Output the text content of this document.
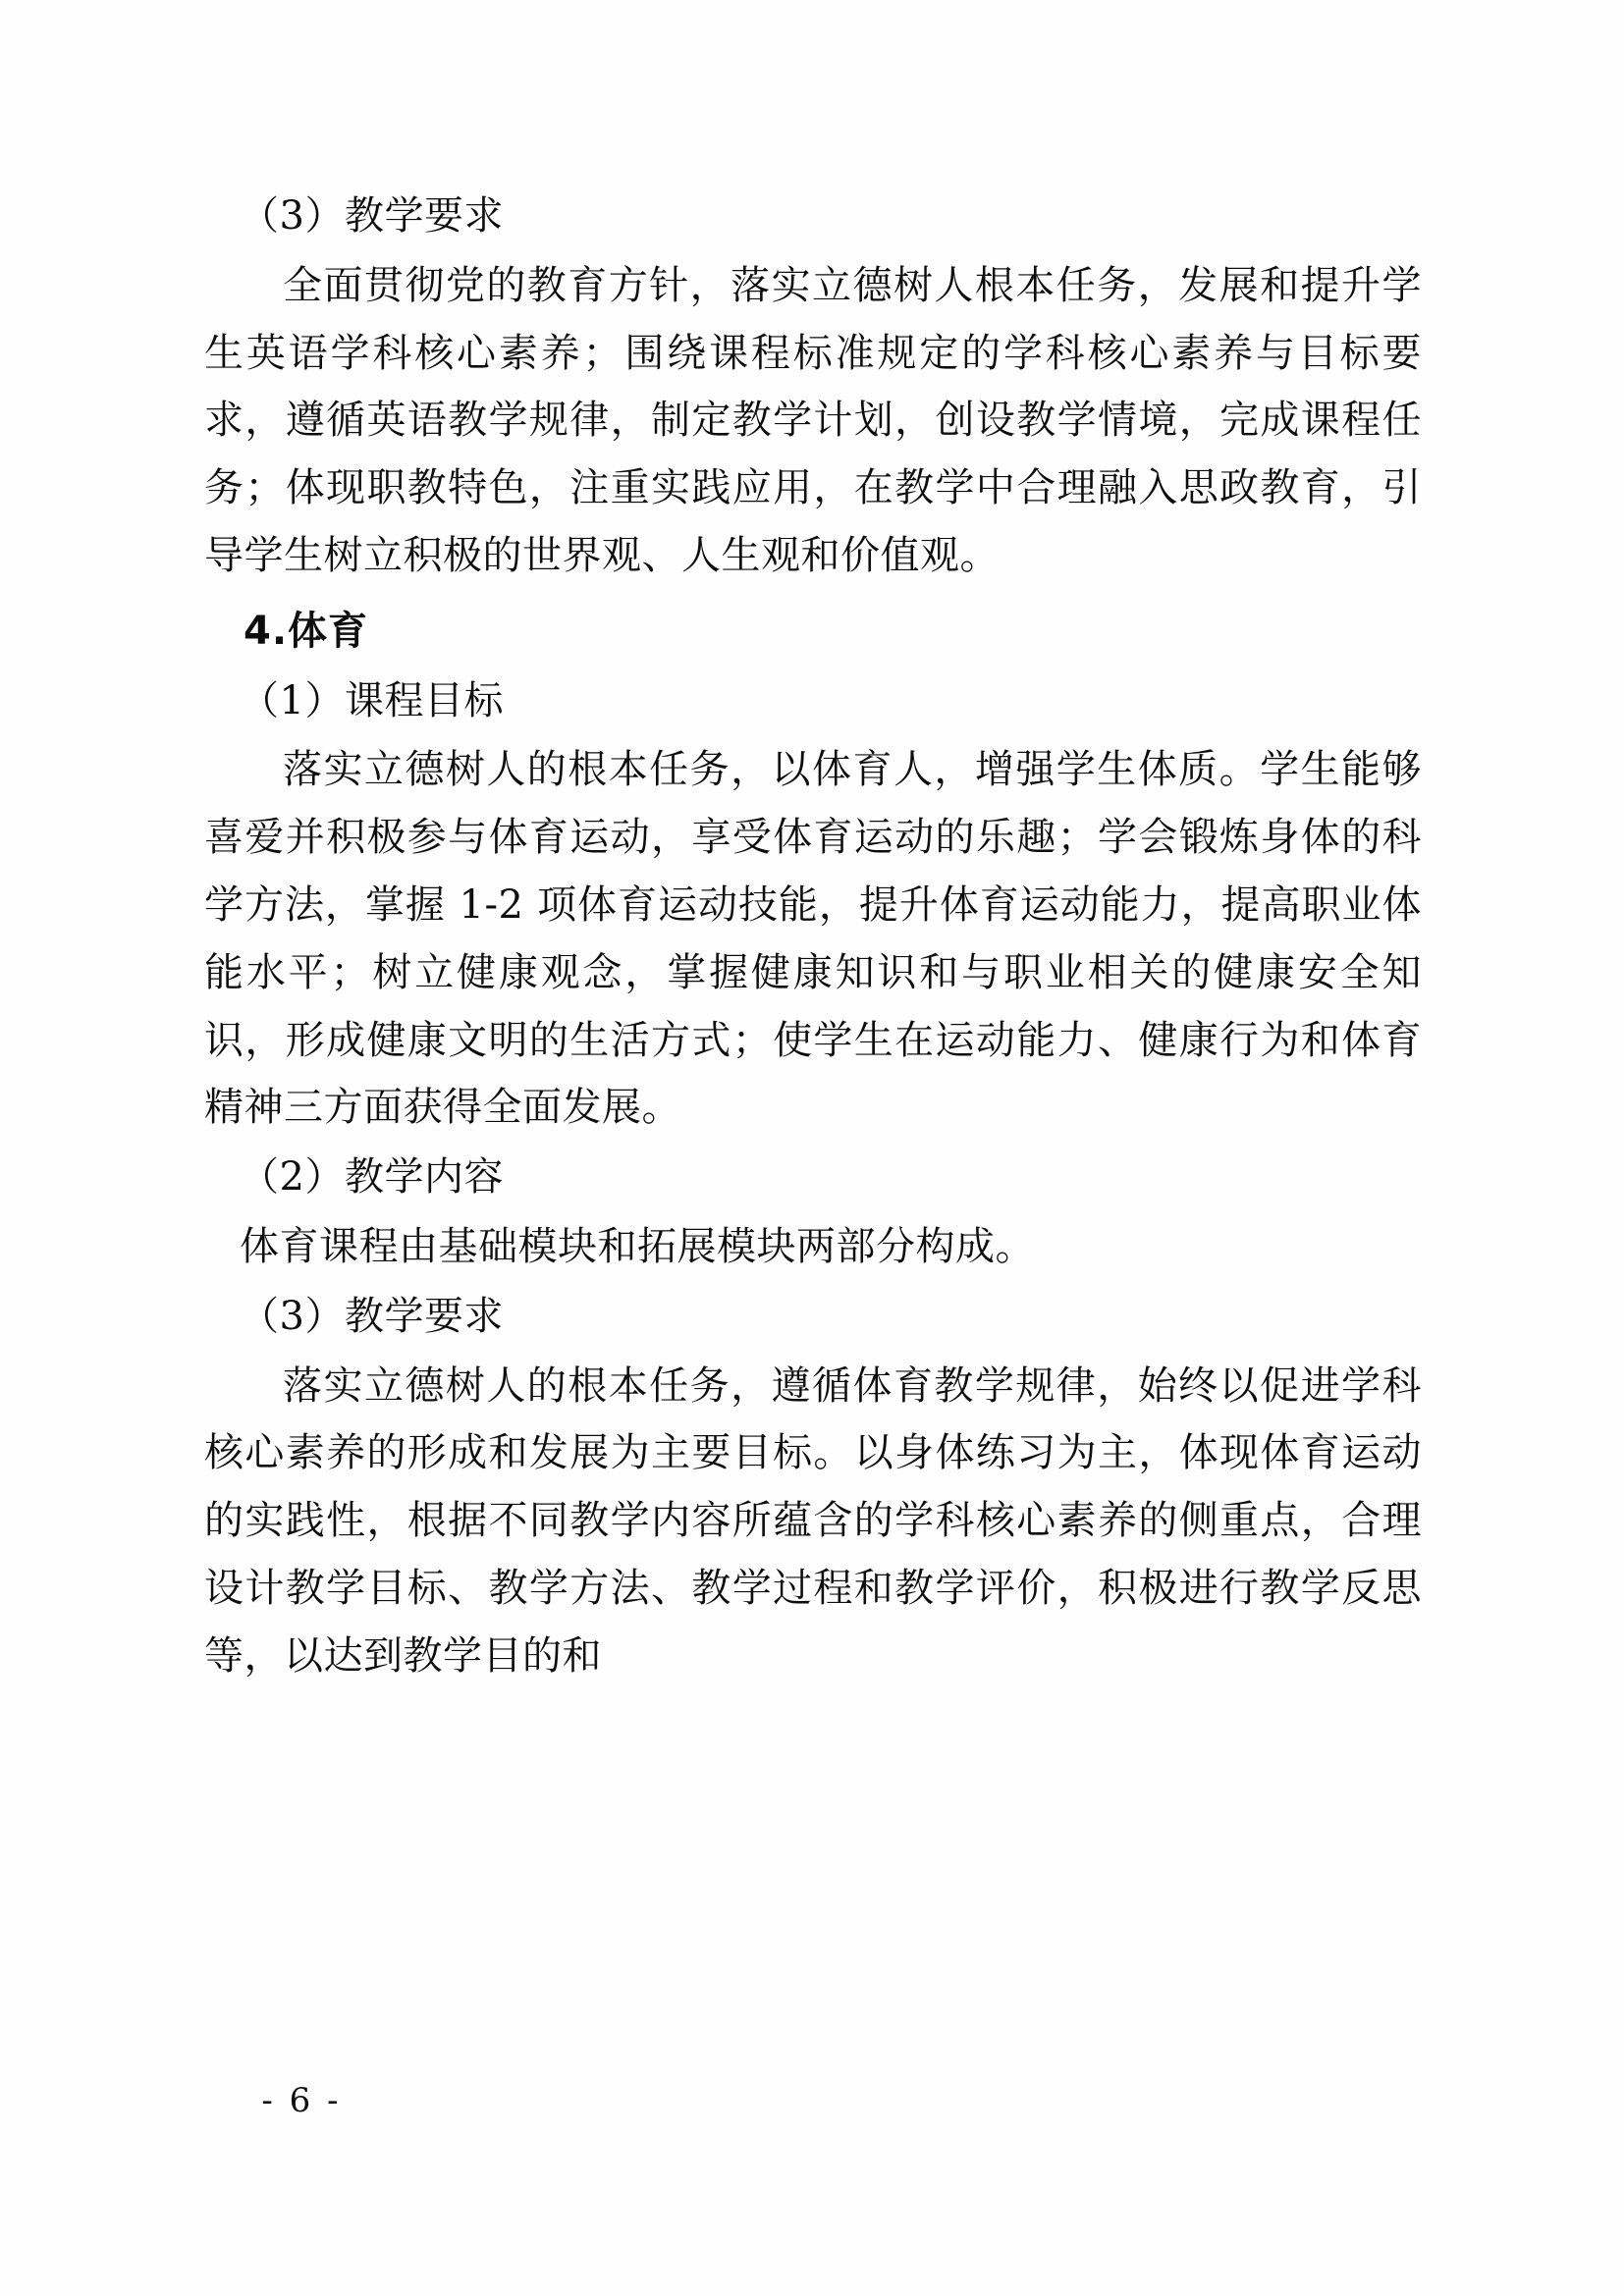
（3）教学要求

全面贯彻党的教育方针，落实立德树人根本任务，发展和提升学生英语学科核心素养；围绕课程标准规定的学科核心素养与目标要求，遵循英语教学规律，制定教学计划，创设教学情境，完成课程任务；体现职教特色，注重实践应用，在教学中合理融入思政教育，引导学生树立积极的世界观、人生观和价值观。

4.体育

（1）课程目标

落实立德树人的根本任务，以体育人，增强学生体质。学生能够喜爱并积极参与体育运动，享受体育运动的乐趣；学会锻炼身体的科学方法，掌握 1-2 项体育运动技能，提升体育运动能力，提高职业体能水平；树立健康观念，掌握健康知识和与职业相关的健康安全知识，形成健康文明的生活方式；使学生在运动能力、健康行为和体育精神三方面获得全面发展。

（2）教学内容

体育课程由基础模块和拓展模块两部分构成。

（3）教学要求

落实立德树人的根本任务，遵循体育教学规律，始终以促进学科核心素养的形成和发展为主要目标。以身体练习为主，体现体育运动的实践性，根据不同教学内容所蕴含的学科核心素养的侧重点，合理设计教学目标、教学方法、教学过程和教学评价，积极进行教学反思等，以达到教学目的和

- 6 -
